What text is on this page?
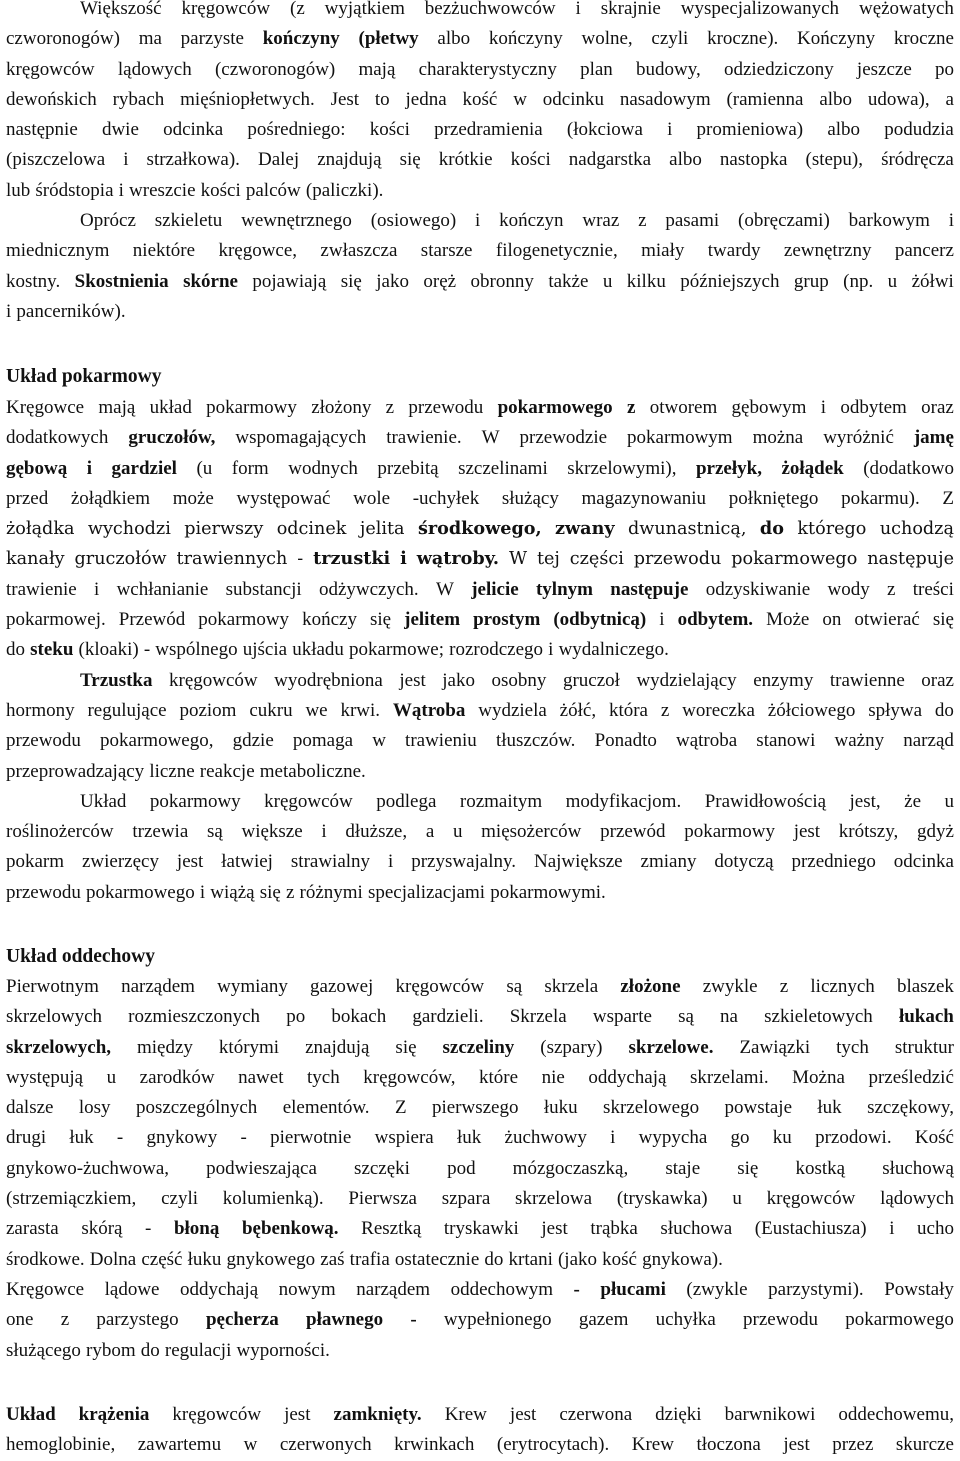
Większość kręgowców (z wyjątkiem bezżuchwowców i skrajnie wyspecjalizowanych wężowatych
czworonogów) ma parzyste kończyny (płetwy albo kończyny wolne, czyli kroczne). Kończyny kroczne
kręgowców lądowych (czworonogów) mają charakterystyczny plan budowy, odziedziczony jeszcze po
dewońskich rybach mięśniopłetwych. Jest to jedna kość w odcinku nasadowym (ramienna albo udowa), a
następnie dwie odcinka pośredniego: kości przedramienia (łokciowa i promieniowa) albo podudzia
(piszczelowa i strzałkowa). Dalej znajdują się krótkie kości nadgarstka albo nastopka (stepu), śródręcza
lub śródstopia i wreszcie kości palców (paliczki).
Oprócz szkieletu wewnętrznego (osiowego) i kończyn wraz z pasami (obręczami) barkowym i
miednicznym niektóre kręgowce, zwłaszcza starsze filogenetycznie, miały twardy zewnętrzny pancerz
kostny. Skostnienia skórne pojawiają się jako oręż obronny także u kilku późniejszych grup (np. u żółwi
i pancerników).
Układ pokarmowy
Kręgowce mają układ pokarmowy złożony z przewodu pokarmowego z otworem gębowym i odbytem oraz
dodatkowych gruczołów, wspomagających trawienie. W przewodzie pokarmowym można wyróżnić jamę
gębową i gardziel (u form wodnych przebitą szczelinami skrzelowymi), przełyk, żołądek (dodatkowo
przed żołądkiem może występować wole -uchyłek służący magazynowaniu połkniętego pokarmu). Z
żołądka wychodzi pierwszy odcinek jelita środkowego, zwany dwunastnicą, do którego uchodzą
kanały gruczołów trawiennych - trzustki i wątroby. W tej części przewodu pokarmowego następuje
trawienie i wchłanianie substancji odżywczych. W jelicie tylnym następuje odzyskiwanie wody z treści
pokarmowej. Przewód pokarmowy kończy się jelitem prostym (odbytnicą) i odbytem. Może on otwierać się
do steku (kloaki) - wspólnego ujścia układu pokarmowe; rozrodczego i wydalniczego.
Trzustka kręgowców wyodrębniona jest jako osobny gruczoł wydzielający enzymy trawienne oraz
hormony regulujące poziom cukru we krwi. Wątroba wydziela żółć, która z woreczka żółciowego spływa do
przewodu pokarmowego, gdzie pomaga w trawieniu tłuszczów. Ponadto wątroba stanowi ważny narząd
przeprowadzający liczne reakcje metaboliczne.
Układ pokarmowy kręgowców podlega rozmaitym modyfikacjom. Prawidłowością jest, że u
roślinożerców trzewia są większe i dłuższe, a u mięsożerców przewód pokarmowy jest krótszy, gdyż
pokarm zwierzęcy jest łatwiej strawialny i przyswajalny. Największe zmiany dotyczą przedniego odcinka
przewodu pokarmowego i wiążą się z różnymi specjalizacjami pokarmowymi.
Układ oddechowy
Pierwotnym narządem wymiany gazowej kręgowców są skrzela złożone zwykle z licznych blaszek
skrzelowych rozmieszczonych po bokach gardzieli. Skrzela wsparte są na szkieletowych łukach
skrzelowych, między którymi znajdują się szczeliny (szpary) skrzelowe. Zawiązki tych struktur
występują u zarodków nawet tych kręgowców, które nie oddychają skrzelami. Można prześledzić
dalsze losy poszczególnych elementów. Z pierwszego łuku skrzelowego powstaje łuk szczękowy,
drugi łuk - gnykowy - pierwotnie wspiera łuk żuchwowy i wypycha go ku przodowi. Kość
gnykowo-żuchwowa, podwieszająca szczęki pod mózgoczaszką, staje się kostką słuchową
(strzemiączkiem, czyli kolumienką). Pierwsza szpara skrzelowa (tryskawka) u kręgowców lądowych
zarasta skórą - błoną bębenkową. Resztką tryskawki jest trąbka słuchowa (Eustachiusza) i ucho
środkowe. Dolna część łuku gnykowego zaś trafia ostatecznie do krtani (jako kość gnykowa).
Kręgowce lądowe oddychają nowym narządem oddechowym - płucami (zwykle parzystymi). Powstały
one z parzystego pęcherza pławnego - wypełnionego gazem uchyłka przewodu pokarmowego
służącego rybom do regulacji wyporności.
Układ krążenia kręgowców jest zamknięty. Krew jest czerwona dzięki barwnikowi oddechowemu,
hemoglobinie, zawartemu w czerwonych krwinkach (erytrocytach). Krew tłoczona jest przez skurcze
